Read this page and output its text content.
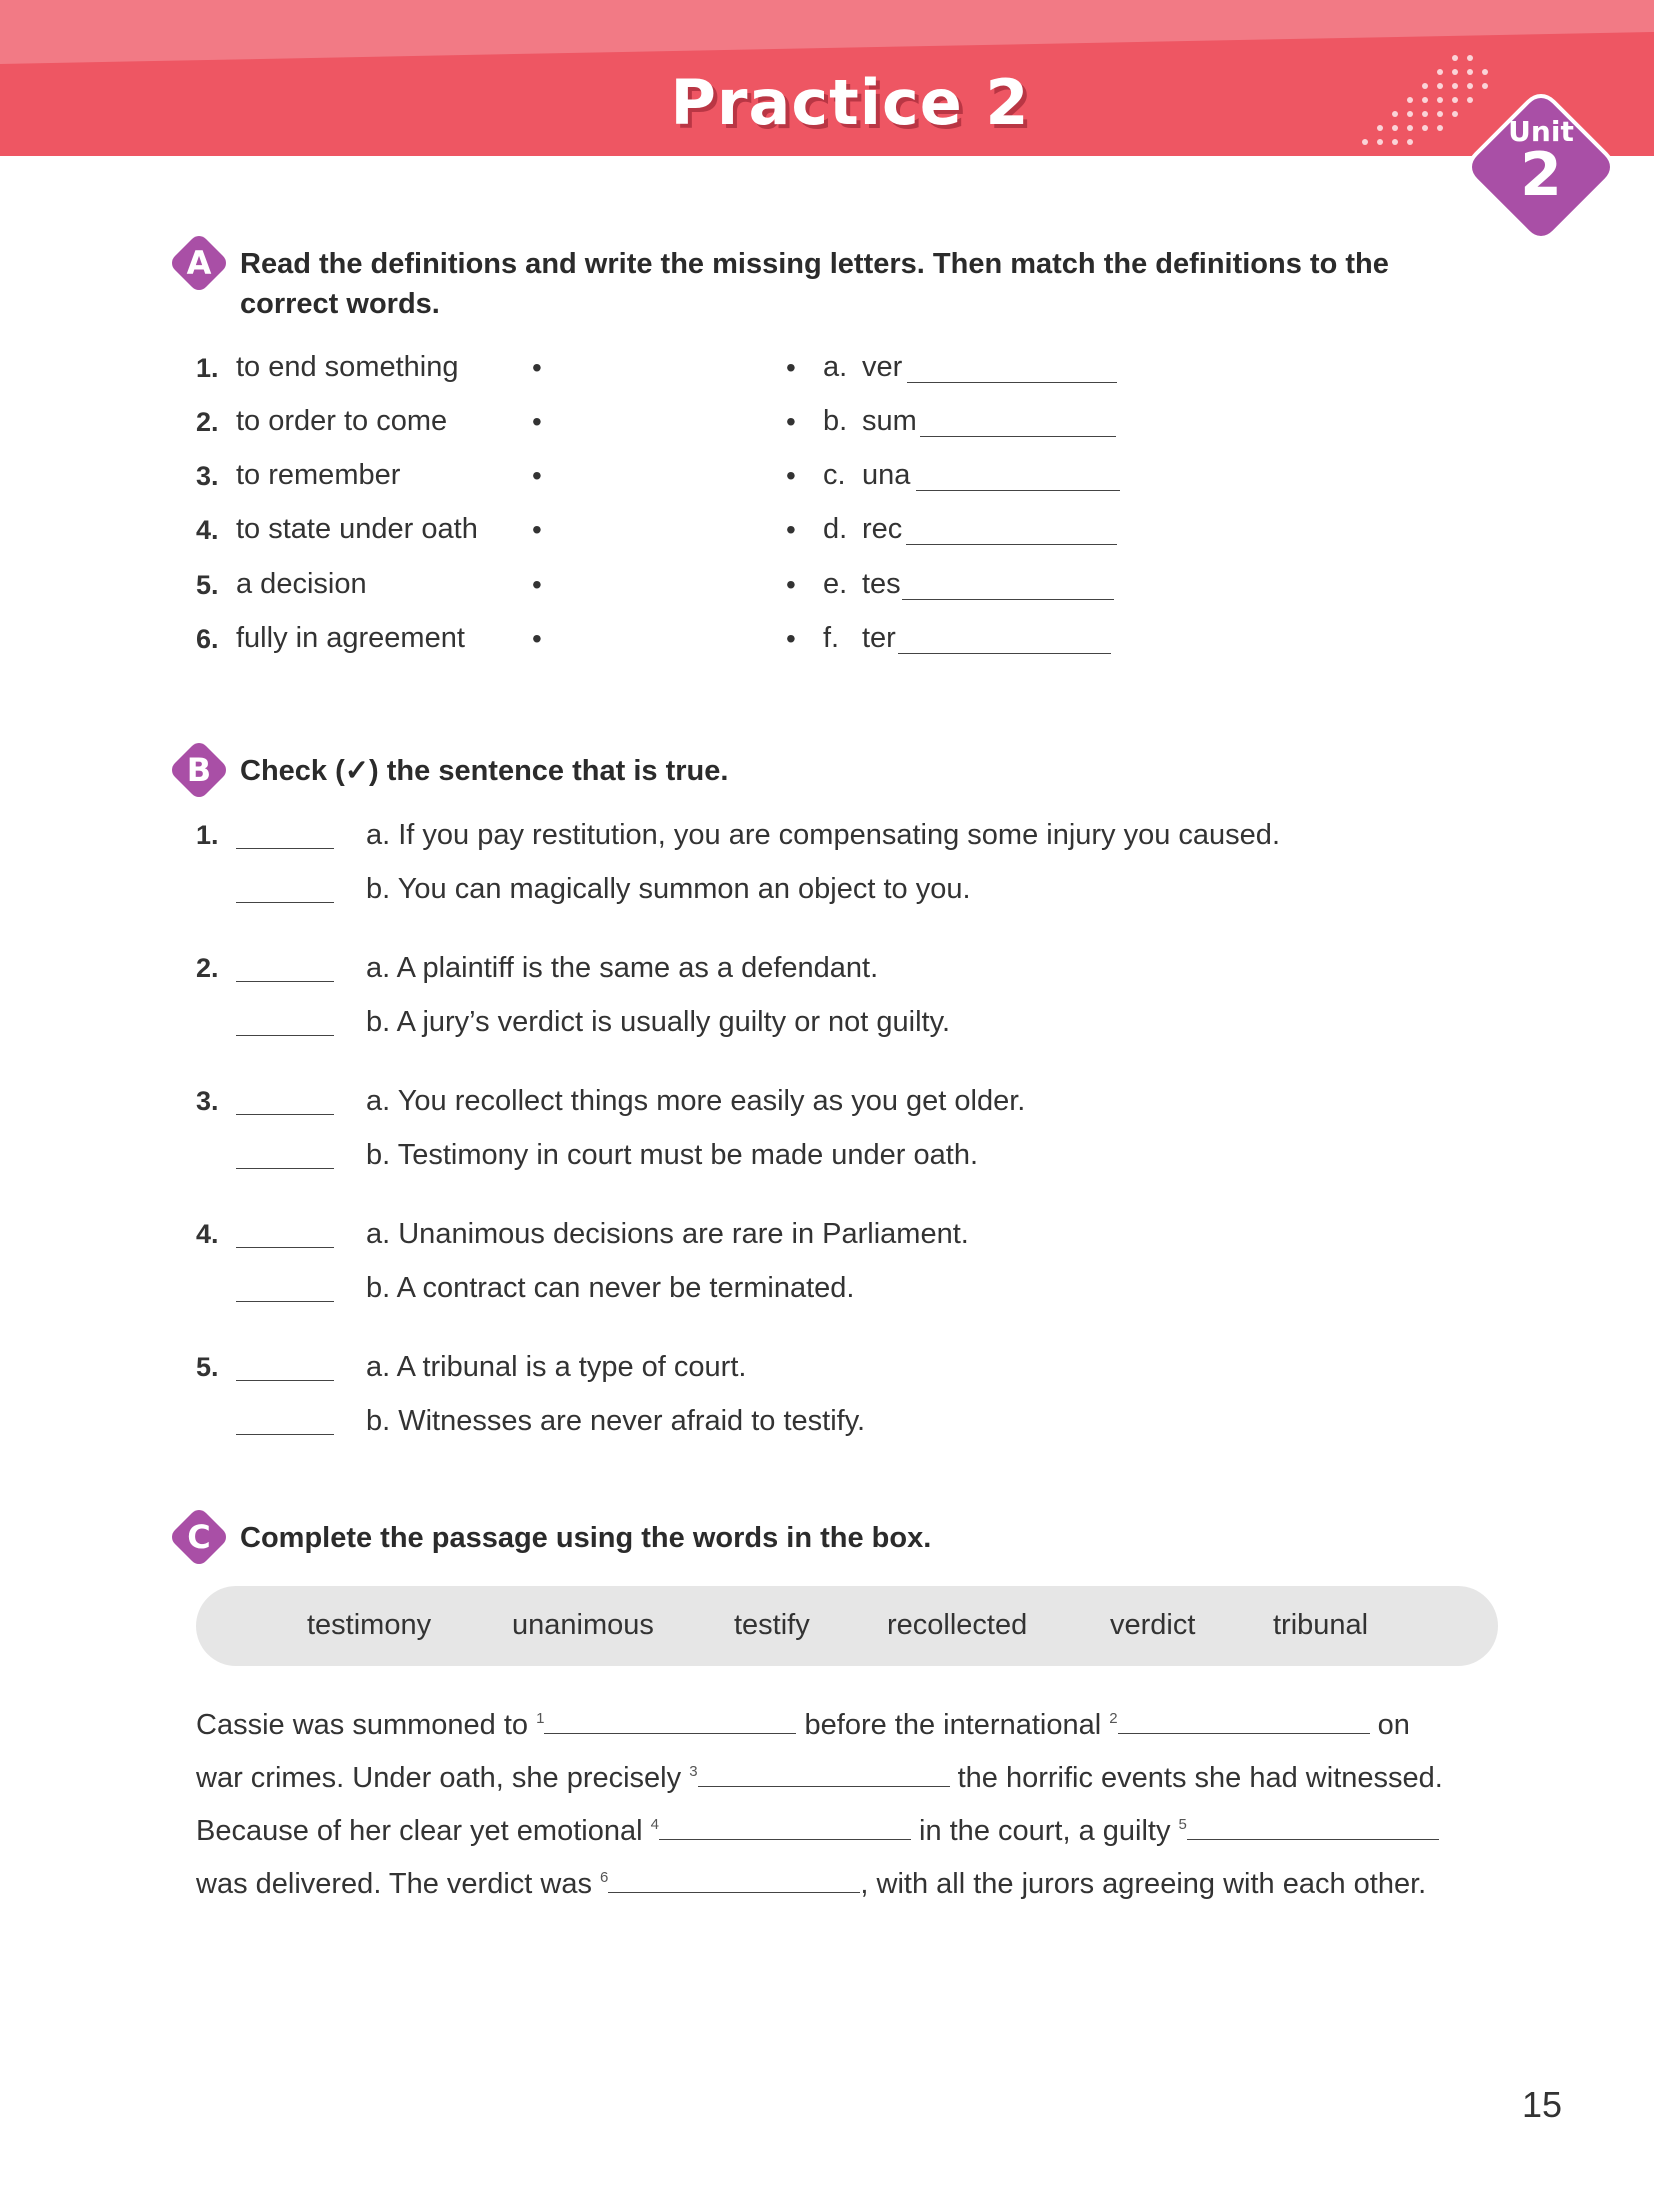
Practice 2	Unit
2
A Read the definitions and write the missing letters. Then match the definitions to the
correct words.
1. to end something	•	• a. ver
2. to order to come	•	• b. sum
3. to remember	•	• c. una
4. to state under oath •	• d. rec
5. a decision	•	• e. tes
6. fully in agreement •	• f. ter
B Check (✓) the sentence that is true.
1.	a. If you pay restitution, you are compensating some injury you caused.
b. You can magically summon an object to you.
2.	a. A plaintiff is the same as a defendant.
b. A jury’s verdict is usually guilty or not guilty.
3.	a. You recollect things more easily as you get older.
b. Testimony in court must be made under oath.
4.	a. Unanimous decisions are rare in Parliament.
b. A contract can never be terminated.
5.	a. A tribunal is a type of court.
b. Witnesses are never afraid to testify.
C	Complete the passage using the words in the box.
testimony	unanimous	testify	recollected	verdict	tribunal
Cassie was summoned to $^1$	before the international $^2$	on
war crimes. Under oath, she precisely $^3$	the horrific events she had witnessed.
Because of her clear yet emotional $^4$	in the court, a guilty $^5$
was delivered. The verdict was $^6$	, with all the jurors agreeing with each other.
15
